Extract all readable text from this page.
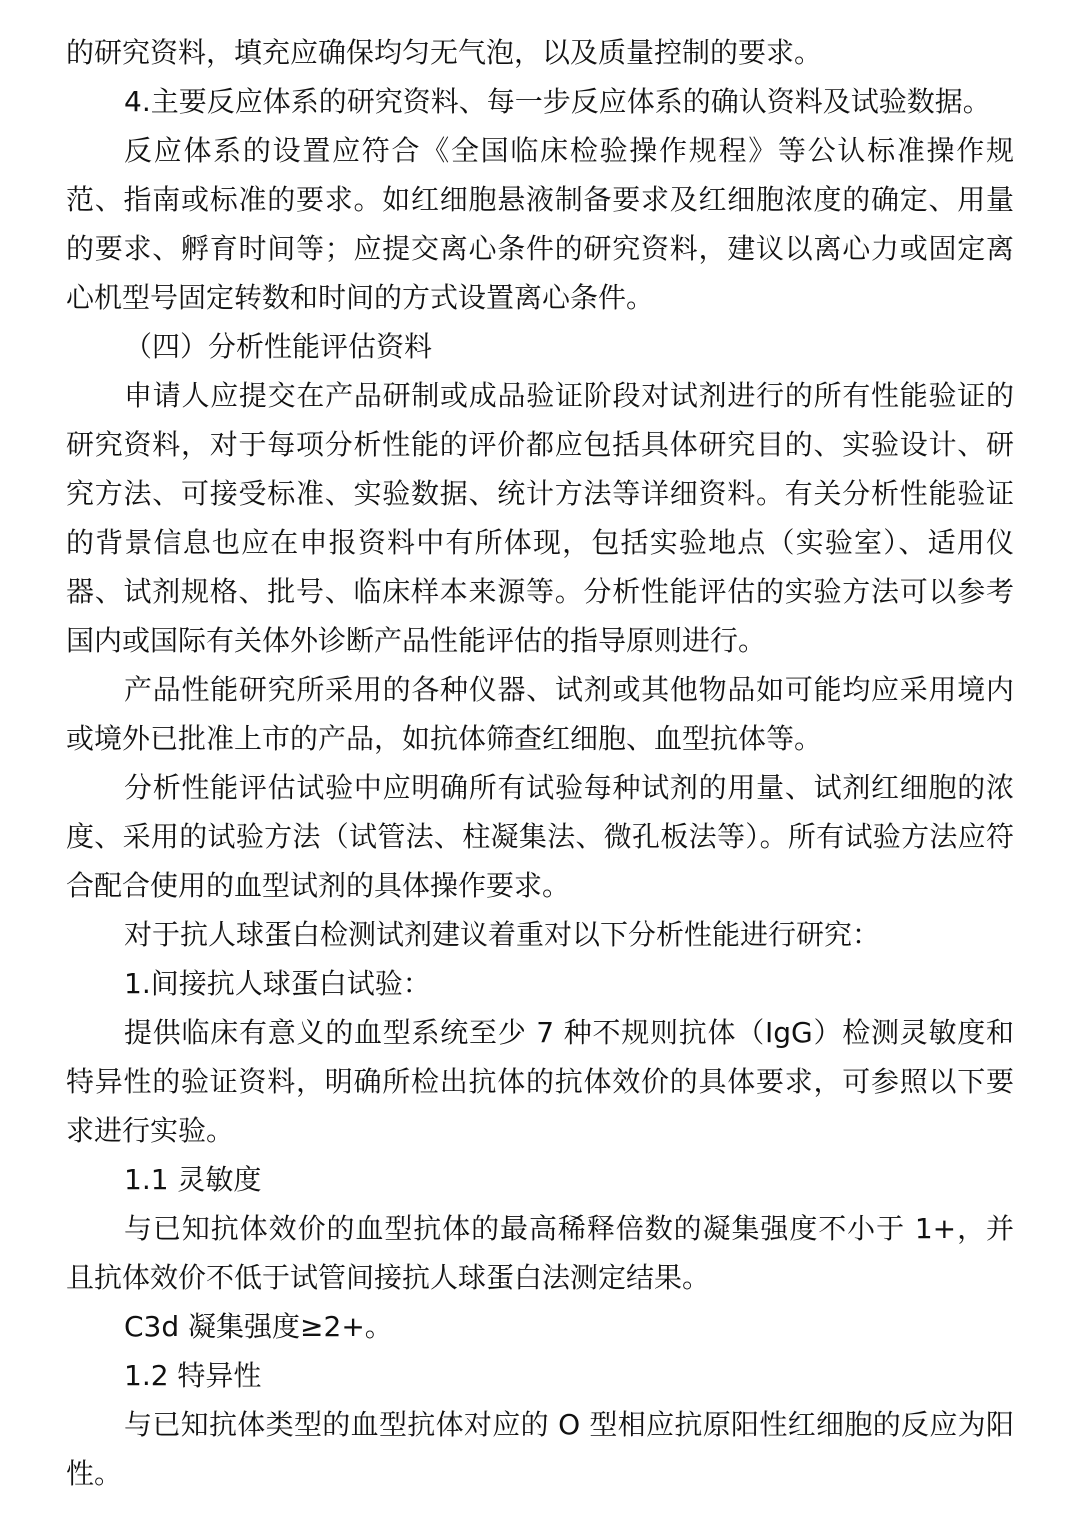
的研究资料，填充应确保均匀无气泡，以及质量控制的要求。

4.主要反应体系的研究资料、每一步反应体系的确认资料及试验数据。

反应体系的设置应符合《全国临床检验操作规程》等公认标准操作规范、指南或标准的要求。如红细胞悬液制备要求及红细胞浓度的确定、用量的要求、孵育时间等；应提交离心条件的研究资料，建议以离心力或固定离心机型号固定转数和时间的方式设置离心条件。

（四）分析性能评估资料

申请人应提交在产品研制或成品验证阶段对试剂进行的所有性能验证的研究资料，对于每项分析性能的评价都应包括具体研究目的、实验设计、研究方法、可接受标准、实验数据、统计方法等详细资料。有关分析性能验证的背景信息也应在申报资料中有所体现，包括实验地点（实验室）、适用仪器、试剂规格、批号、临床样本来源等。分析性能评估的实验方法可以参考国内或国际有关体外诊断产品性能评估的指导原则进行。

产品性能研究所采用的各种仪器、试剂或其他物品如可能均应采用境内或境外已批准上市的产品，如抗体筛查红细胞、血型抗体等。

分析性能评估试验中应明确所有试验每种试剂的用量、试剂红细胞的浓度、采用的试验方法（试管法、柱凝集法、微孔板法等）。所有试验方法应符合配合使用的血型试剂的具体操作要求。

对于抗人球蛋白检测试剂建议着重对以下分析性能进行研究：

1.间接抗人球蛋白试验：

提供临床有意义的血型系统至少 7 种不规则抗体（IgG）检测灵敏度和特异性的验证资料，明确所检出抗体的抗体效价的具体要求，可参照以下要求进行实验。

1.1 灵敏度

与已知抗体效价的血型抗体的最高稀释倍数的凝集强度不小于 1+，并且抗体效价不低于试管间接抗人球蛋白法测定结果。

C3d 凝集强度≥2+。

1.2 特异性

与已知抗体类型的血型抗体对应的 O 型相应抗原阳性红细胞的反应为阳性。
